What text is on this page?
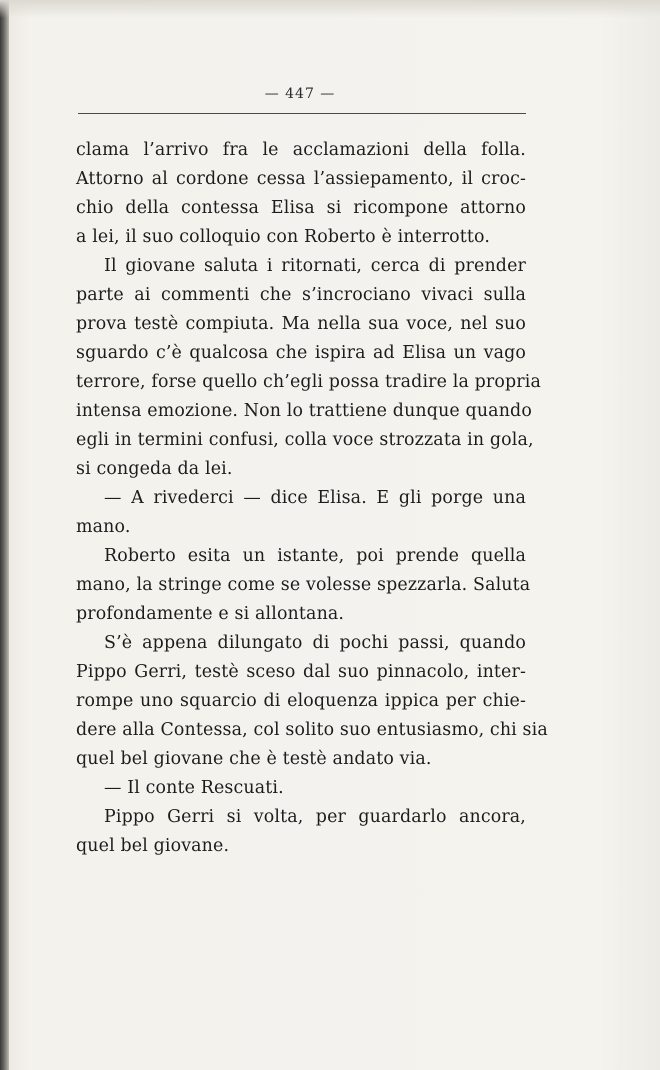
— 447 —
clama l’arrivo fra le acclamazioni della folla.
Attorno al cordone cessa l’assiepamento, il croc-
chio della contessa Elisa si ricompone attorno
a lei, il suo colloquio con Roberto è interrotto.
Il giovane saluta i ritornati, cerca di prender
parte ai commenti che s’incrociano vivaci sulla
prova testè compiuta. Ma nella sua voce, nel suo
sguardo c’è qualcosa che ispira ad Elisa un vago
terrore, forse quello ch’egli possa tradire la propria
intensa emozione. Non lo trattiene dunque quando
egli in termini confusi, colla voce strozzata in gola,
si congeda da lei.
— A rivederci — dice Elisa. E gli porge una
mano.
Roberto esita un istante, poi prende quella
mano, la stringe come se volesse spezzarla. Saluta
profondamente e si allontana.
S’è appena dilungato di pochi passi, quando
Pippo Gerri, testè sceso dal suo pinnacolo, inter-
rompe uno squarcio di eloquenza ippica per chie-
dere alla Contessa, col solito suo entusiasmo, chi sia
quel bel giovane che è testè andato via.
— Il conte Rescuati.
Pippo Gerri si volta, per guardarlo ancora,
quel bel giovane.
